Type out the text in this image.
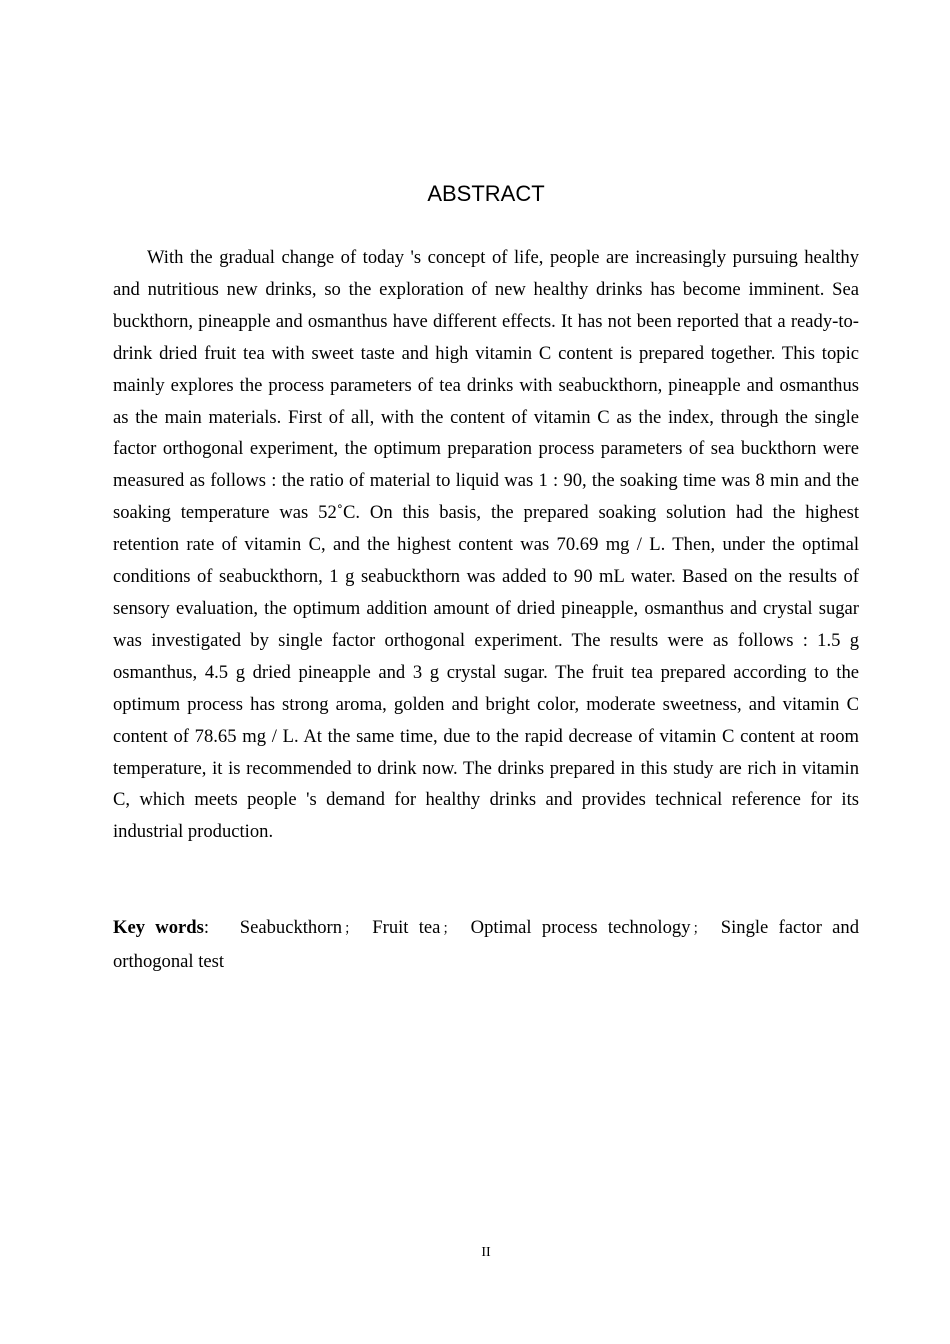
ABSTRACT

With the gradual change of today 's concept of life, people are increasingly pursuing healthy and nutritious new drinks, so the exploration of new healthy drinks has become imminent. Sea buckthorn, pineapple and osmanthus have different effects. It has not been reported that a ready-to-drink dried fruit tea with sweet taste and high vitamin C content is prepared together. This topic mainly explores the process parameters of tea drinks with seabuckthorn, pineapple and osmanthus as the main materials. First of all, with the content of vitamin C as the index, through the single factor orthogonal experiment, the optimum preparation process parameters of sea buckthorn were measured as follows : the ratio of material to liquid was 1 : 90, the soaking time was 8 min and the soaking temperature was 52˚C. On this basis, the prepared soaking solution had the highest retention rate of vitamin C, and the highest content was 70.69 mg / L. Then, under the optimal conditions of seabuckthorn, 1 g seabuckthorn was added to 90 mL water. Based on the results of sensory evaluation, the optimum addition amount of dried pineapple, osmanthus and crystal sugar was investigated by single factor orthogonal experiment. The results were as follows : 1.5 g osmanthus, 4.5 g dried pineapple and 3 g crystal sugar. The fruit tea prepared according to the optimum process has strong aroma, golden and bright color, moderate sweetness, and vitamin C content of 78.65 mg / L. At the same time, due to the rapid decrease of vitamin C content at room temperature, it is recommended to drink now. The drinks prepared in this study are rich in vitamin C, which meets people 's demand for healthy drinks and provides technical reference for its industrial production.

Key words: Seabuckthorn ； Fruit tea ； Optimal process technology ； Single factor and orthogonal test
II
